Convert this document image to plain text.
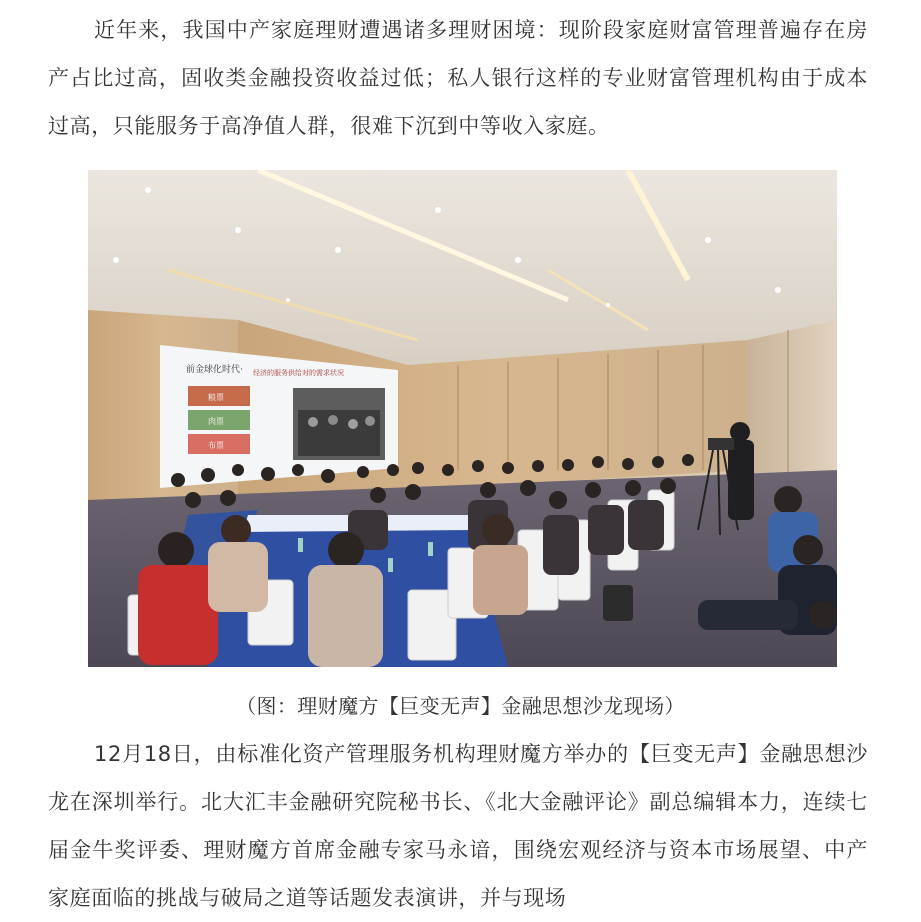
近年来，我国中产家庭理财遭遇诸多理财困境：现阶段家庭财富管理普遍存在房产占比过高，固收类金融投资收益过低；私人银行这样的专业财富管理机构由于成本过高，只能服务于高净值人群，很难下沉到中等收入家庭。

前金球化时代· 经济的服务供给对的需求状况
粮票
肉票
布票
（图：理财魔方【巨变无声】金融思想沙龙现场）

12月18日，由标准化资产管理服务机构理财魔方举办的【巨变无声】金融思想沙龙在深圳举行。北大汇丰金融研究院秘书长、《北大金融评论》副总编辑本力，连续七届金牛奖评委、理财魔方首席金融专家马永谙，围绕宏观经济与资本市场展望、中产家庭面临的挑战与破局之道等话题发表演讲，并与现场
